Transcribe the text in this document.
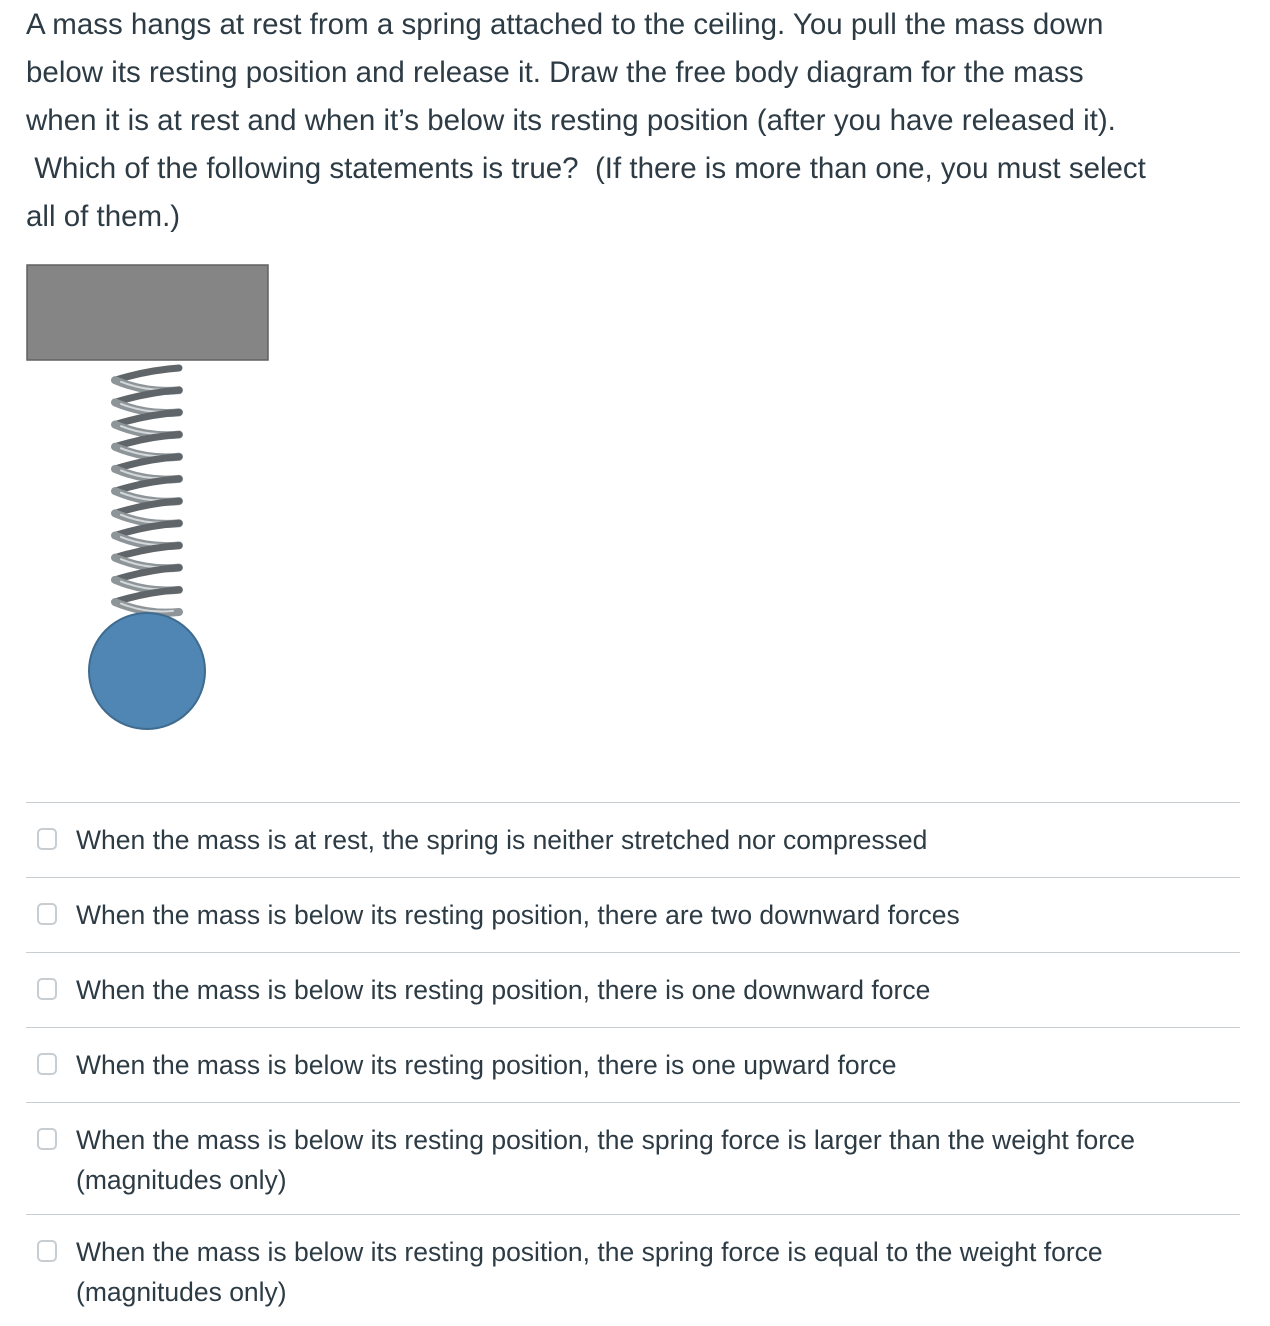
A mass hangs at rest from a spring attached to the ceiling. You pull the mass down

below its resting position and release it. Draw the free body diagram for the mass

when it is at rest and when it’s below its resting position (after you have released it).

Which of the following statements is true?  (If there is more than one, you must select

all of them.)

When the mass is at rest, the spring is neither stretched nor compressed
When the mass is below its resting position, there are two downward forces
When the mass is below its resting position, there is one downward force
When the mass is below its resting position, there is one upward force
When the mass is below its resting position, the spring force is larger than the weight force
(magnitudes only)
When the mass is below its resting position, the spring force is equal to the weight force
(magnitudes only)
